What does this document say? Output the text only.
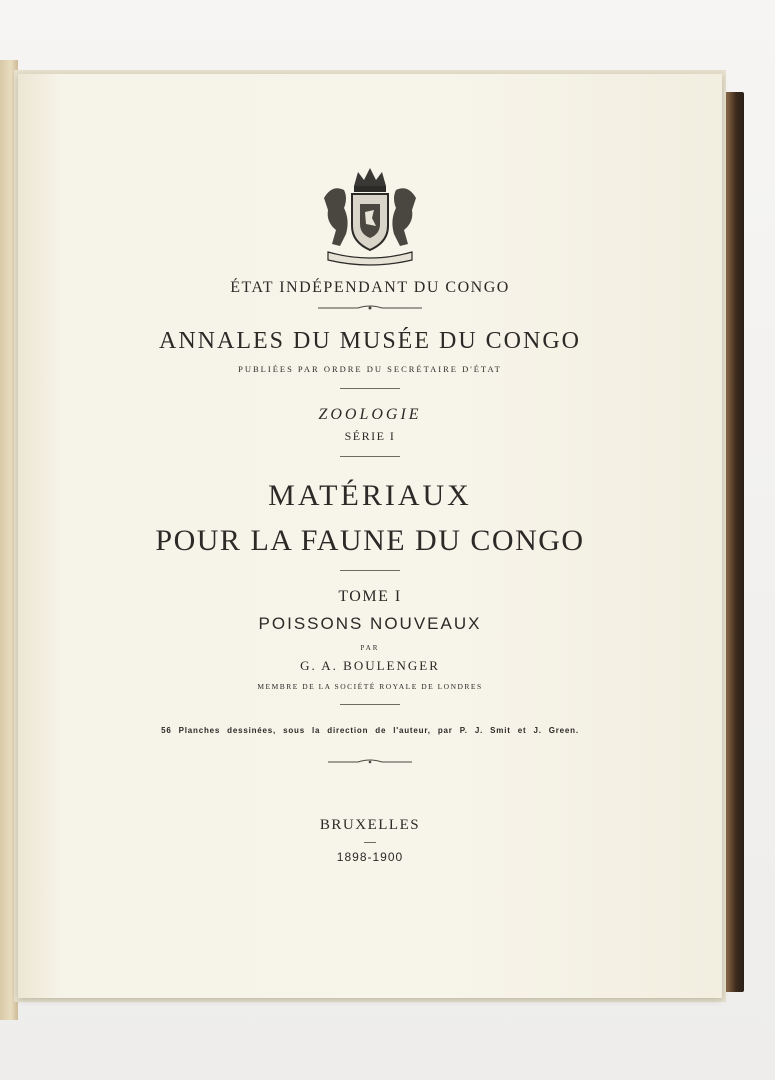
ÉTAT INDÉPENDANT DU CONGO
ANNALES DU MUSÉE DU CONGO
PUBLIÉES PAR ORDRE DU SECRÉTAIRE D'ÉTAT
ZOOLOGIE
SÉRIE I
MATÉRIAUX
POUR LA FAUNE DU CONGO
TOME I
POISSONS NOUVEAUX
PAR
G. A. BOULENGER
MEMBRE DE LA SOCIÉTÉ ROYALE DE LONDRES
56 Planches dessinées, sous la direction de l'auteur, par P. J. Smit et J. Green.
BRUXELLES
1898-1900
